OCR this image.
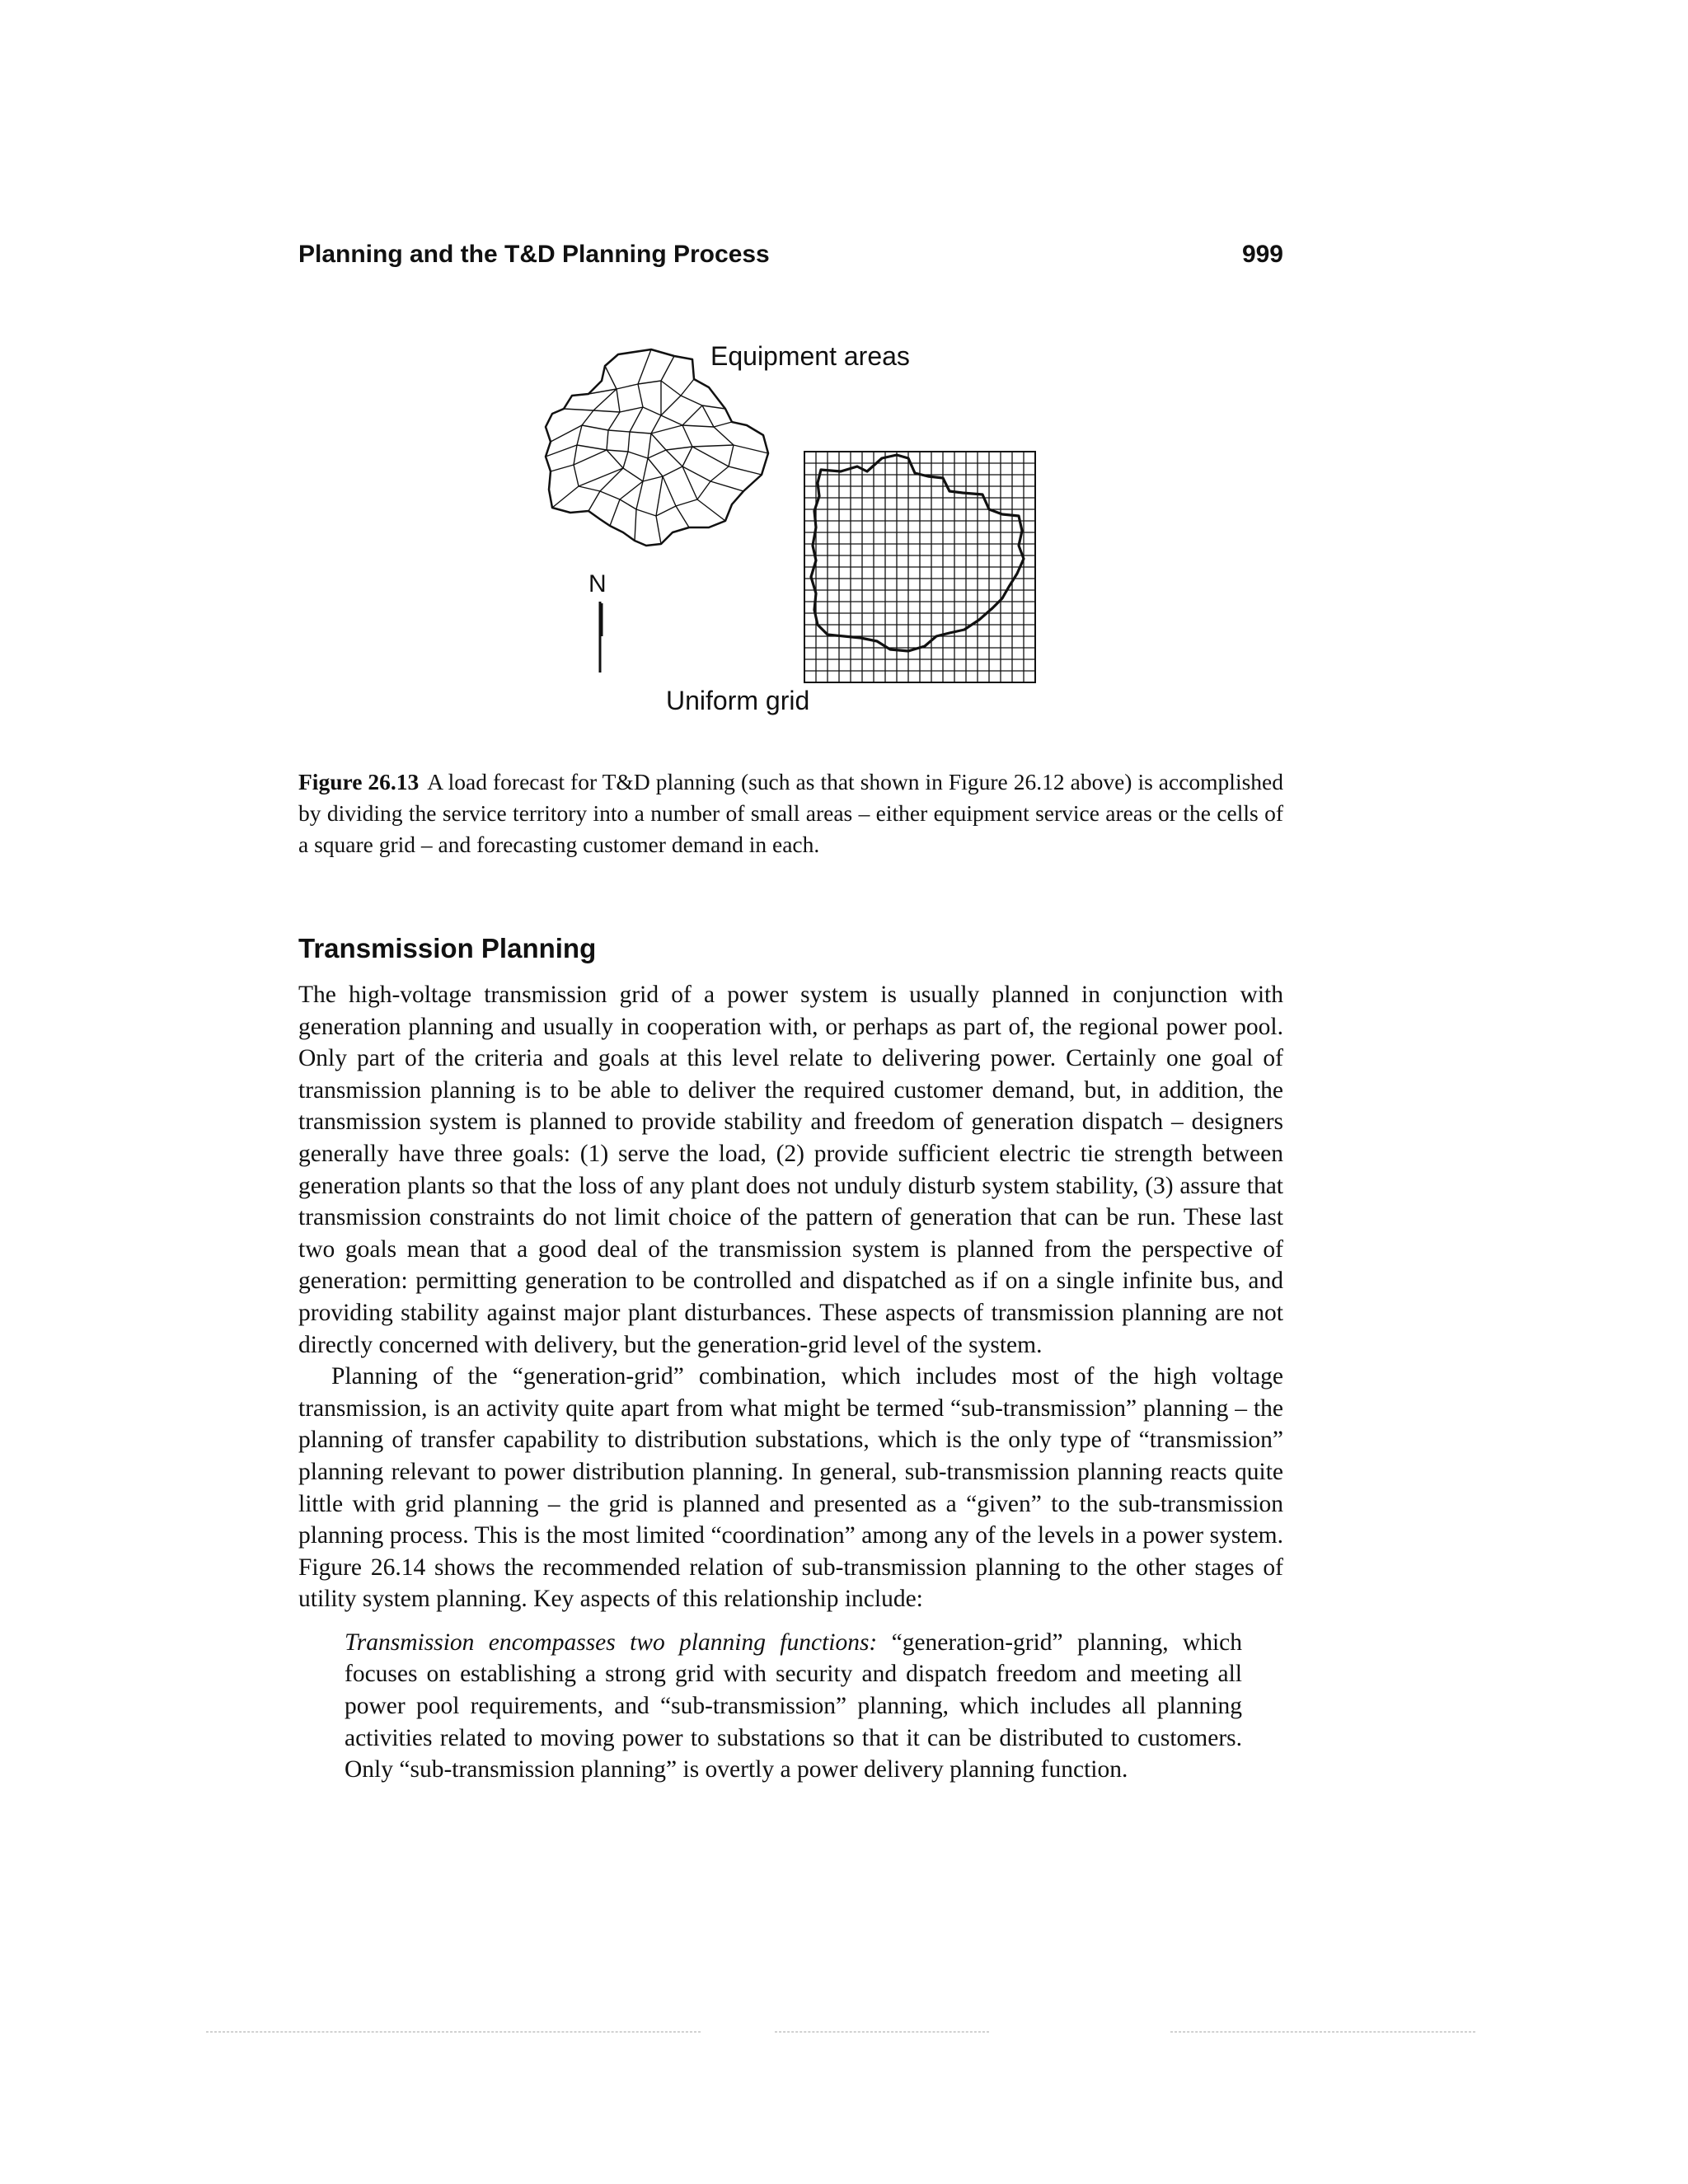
Planning and the T&D Planning Process	999
Equipment areas
N
Uniform grid
Figure 26.13 A load forecast for T&D planning (such as that shown in Figure 26.12 above) is accomplished by dividing the service territory into a number of small areas – either equipment service areas or the cells of a square grid – and forecasting customer demand in each.
Transmission Planning

The high-voltage transmission grid of a power system is usually planned in conjunction with generation planning and usually in cooperation with, or perhaps as part of, the regional power pool. Only part of the criteria and goals at this level relate to delivering power. Certainly one goal of transmission planning is to be able to deliver the required customer demand, but, in addition, the transmission system is planned to provide stability and freedom of generation dispatch – designers generally have three goals: (1) serve the load, (2) provide sufficient electric tie strength between generation plants so that the loss of any plant does not unduly disturb system stability, (3) assure that transmission constraints do not limit choice of the pattern of generation that can be run. These last two goals mean that a good deal of the transmission system is planned from the perspective of generation: permitting generation to be controlled and dispatched as if on a single infinite bus, and providing stability against major plant disturbances. These aspects of transmission planning are not directly concerned with delivery, but the generation-grid level of the system.

Planning of the “generation-grid” combination, which includes most of the high voltage transmission, is an activity quite apart from what might be termed “sub-transmission” planning – the planning of transfer capability to distribution substations, which is the only type of “transmission” planning relevant to power distribution planning. In general, sub-transmission planning reacts quite little with grid planning – the grid is planned and presented as a “given” to the sub-transmission planning process. This is the most limited “coordination” among any of the levels in a power system. Figure 26.14 shows the recommended relation of sub-transmission planning to the other stages of utility system planning. Key aspects of this relationship include:

Transmission encompasses two planning functions: “generation-grid” planning, which focuses on establishing a strong grid with security and dispatch freedom and meeting all power pool requirements, and “sub-transmission” planning, which includes all planning activities related to moving power to substations so that it can be distributed to customers. Only “sub-transmission planning” is overtly a power delivery planning function.
